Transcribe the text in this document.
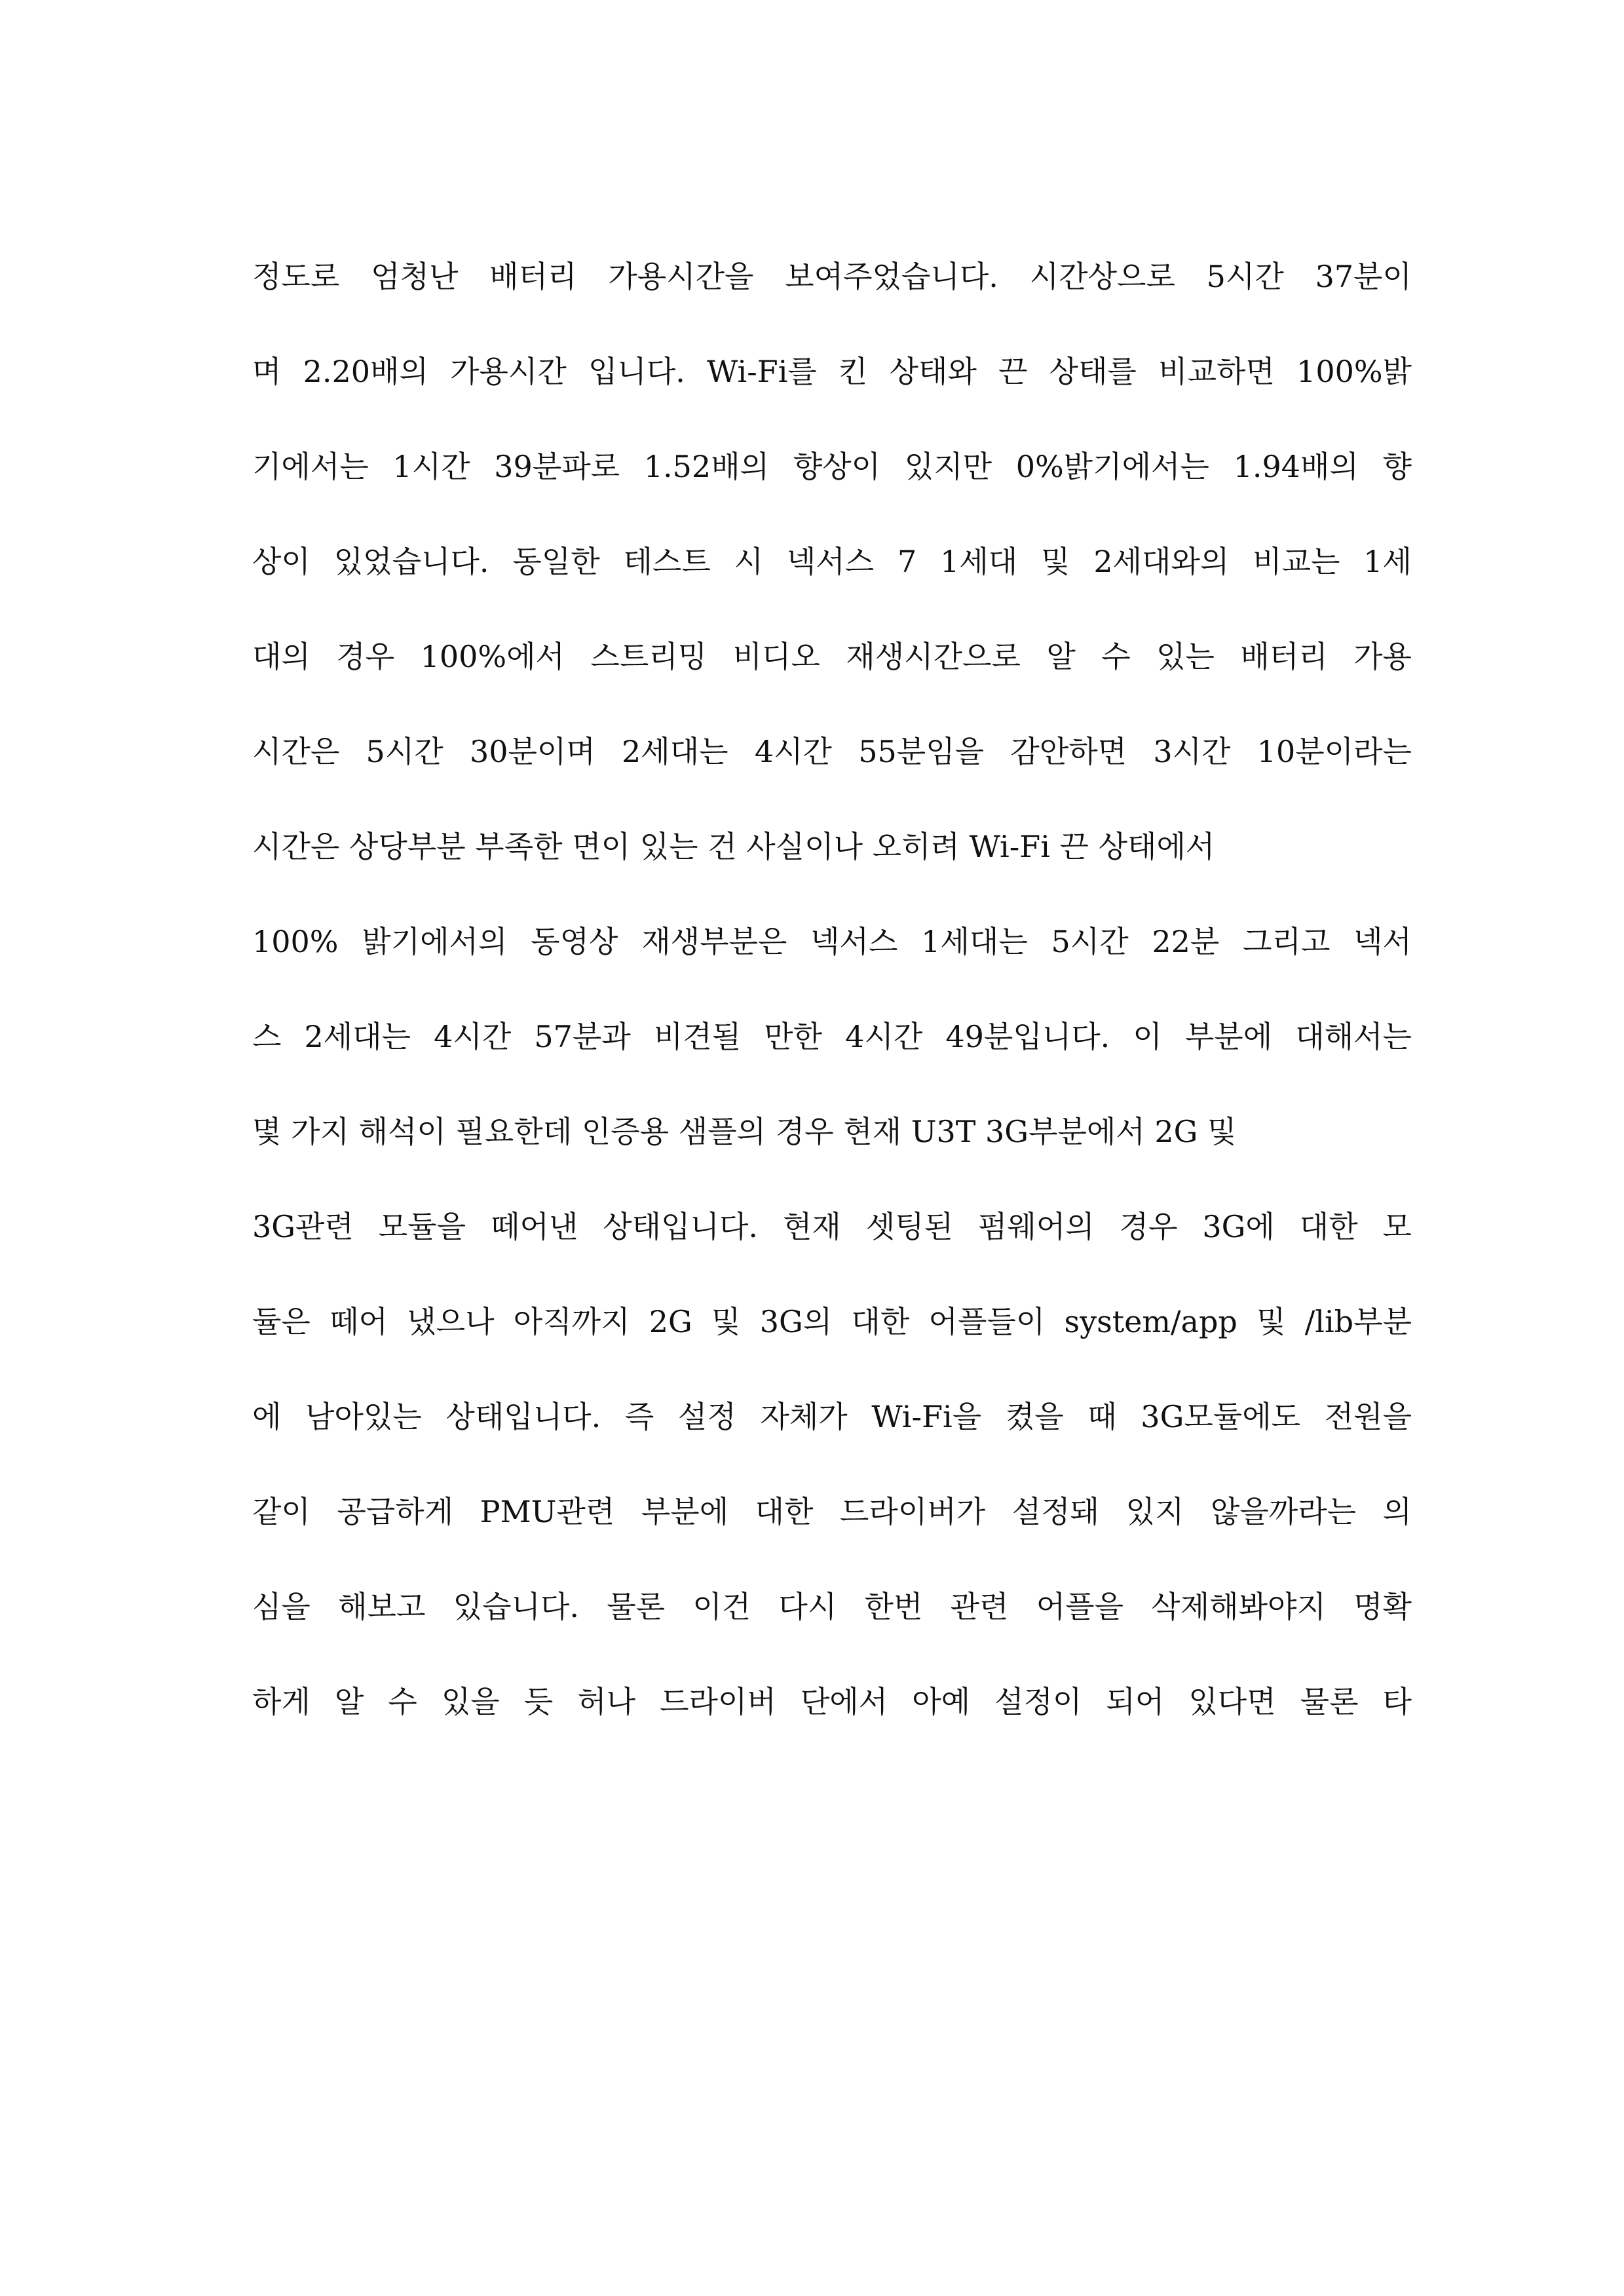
정도로 엄청난 배터리 가용시간을 보여주었습니다. 시간상으로 5시간 37분이
며 2.20배의 가용시간 입니다. Wi-Fi를 킨 상태와 끈 상태를 비교하면 100%밝
기에서는 1시간 39분파로 1.52배의 향상이 있지만 0%밝기에서는 1.94배의 향
상이 있었습니다. 동일한 테스트 시 넥서스 7 1세대 및 2세대와의 비교는 1세
대의 경우 100%에서 스트리밍 비디오 재생시간으로 알 수 있는 배터리 가용
시간은 5시간 30분이며 2세대는 4시간 55분임을 감안하면 3시간 10분이라는
시간은 상당부분 부족한 면이 있는 건 사실이나 오히려 Wi-Fi 끈 상태에서
100% 밝기에서의 동영상 재생부분은 넥서스 1세대는 5시간 22분 그리고 넥서
스 2세대는 4시간 57분과 비견될 만한 4시간 49분입니다. 이 부분에 대해서는
몇 가지 해석이 필요한데 인증용 샘플의 경우 현재 U3T 3G부분에서 2G 및
3G관련 모듈을 떼어낸 상태입니다. 현재 셋팅된 펌웨어의 경우 3G에 대한 모
듈은 떼어 냈으나 아직까지 2G 및 3G의 대한 어플들이 system/app 및 /lib부분
에 남아있는 상태입니다. 즉 설정 자체가 Wi-Fi을 켰을 때 3G모듈에도 전원을
같이 공급하게 PMU관련 부분에 대한 드라이버가 설정돼 있지 않을까라는 의
심을 해보고 있습니다. 물론 이건 다시 한번 관련 어플을 삭제해봐야지 명확
하게 알 수 있을 듯 허나 드라이버 단에서 아예 설정이 되어 있다면 물론 타
